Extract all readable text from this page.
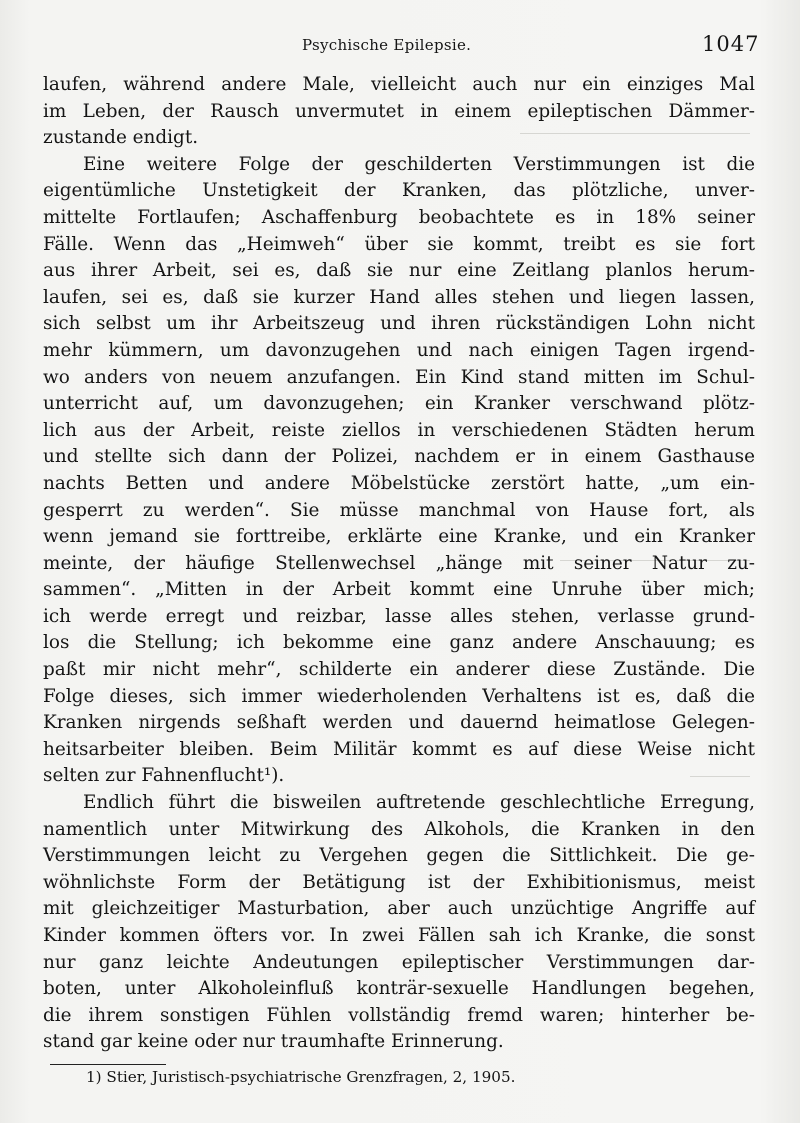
Psychische Epilepsie.	1047
laufen, während andere Male, vielleicht auch nur ein einziges Mal
im Leben, der Rausch unvermutet in einem epileptischen Dämmer-
zustande endigt.
Eine weitere Folge der geschilderten Verstimmungen ist die
eigentümliche Unstetigkeit der Kranken, das plötzliche, unver-
mittelte Fortlaufen; Aschaffenburg beobachtete es in 18% seiner
Fälle. Wenn das „Heimweh“ über sie kommt, treibt es sie fort
aus ihrer Arbeit, sei es, daß sie nur eine Zeitlang planlos herum-
laufen, sei es, daß sie kurzer Hand alles stehen und liegen lassen,
sich selbst um ihr Arbeitszeug und ihren rückständigen Lohn nicht
mehr kümmern, um davonzugehen und nach einigen Tagen irgend-
wo anders von neuem anzufangen. Ein Kind stand mitten im Schul-
unterricht auf, um davonzugehen; ein Kranker verschwand plötz-
lich aus der Arbeit, reiste ziellos in verschiedenen Städten herum
und stellte sich dann der Polizei, nachdem er in einem Gasthause
nachts Betten und andere Möbelstücke zerstört hatte, „um ein-
gesperrt zu werden“. Sie müsse manchmal von Hause fort, als
wenn jemand sie forttreibe, erklärte eine Kranke, und ein Kranker
meinte, der häufige Stellenwechsel „hänge mit seiner Natur zu-
sammen“. „Mitten in der Arbeit kommt eine Unruhe über mich;
ich werde erregt und reizbar, lasse alles stehen, verlasse grund-
los die Stellung; ich bekomme eine ganz andere Anschauung; es
paßt mir nicht mehr“, schilderte ein anderer diese Zustände. Die
Folge dieses, sich immer wiederholenden Verhaltens ist es, daß die
Kranken nirgends seßhaft werden und dauernd heimatlose Gelegen-
heitsarbeiter bleiben. Beim Militär kommt es auf diese Weise nicht
selten zur Fahnenflucht¹).
Endlich führt die bisweilen auftretende geschlechtliche Erregung,
namentlich unter Mitwirkung des Alkohols, die Kranken in den
Verstimmungen leicht zu Vergehen gegen die Sittlichkeit. Die ge-
wöhnlichste Form der Betätigung ist der Exhibitionismus, meist
mit gleichzeitiger Masturbation, aber auch unzüchtige Angriffe auf
Kinder kommen öfters vor. In zwei Fällen sah ich Kranke, die sonst
nur ganz leichte Andeutungen epileptischer Verstimmungen dar-
boten, unter Alkoholeinfluß konträr-sexuelle Handlungen begehen,
die ihrem sonstigen Fühlen vollständig fremd waren; hinterher be-
stand gar keine oder nur traumhafte Erinnerung.
1) Stier, Juristisch-psychiatrische Grenzfragen, 2, 1905.
